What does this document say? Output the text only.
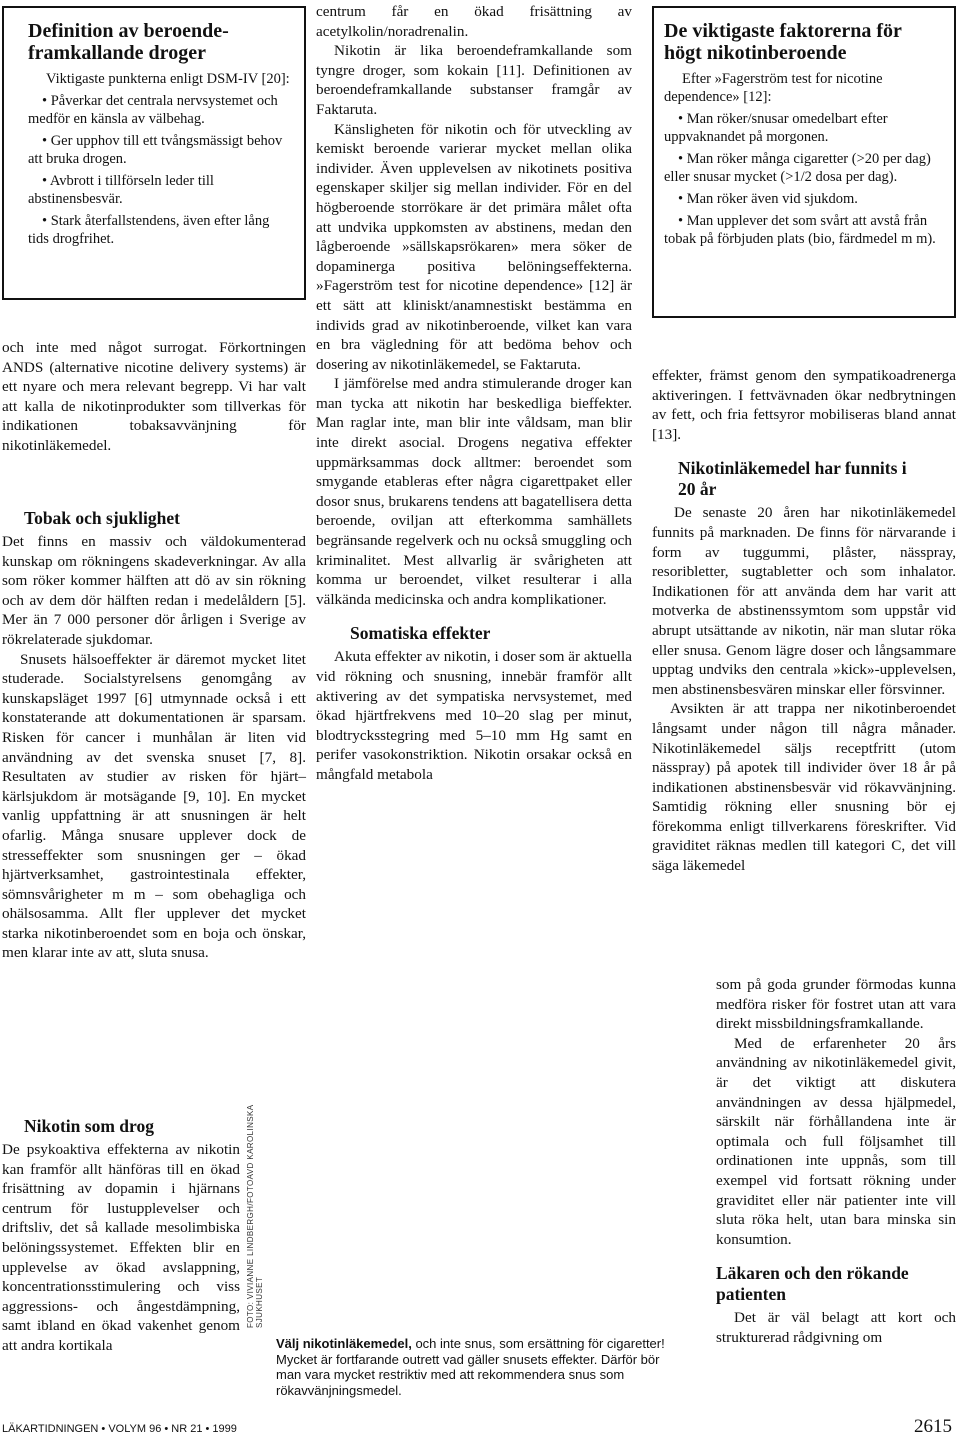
Definition av beroendeframkallande droger

Viktigaste punkterna enligt DSM-IV [20]:

• Påverkar det centrala nervsystemet och medför en känsla av välbehag.
• Ger upphov till ett tvångsmässigt behov att bruka drogen.
• Avbrott i tillförseln leder till abstinensbesvär.
• Stark återfallstendens, även efter lång tids drogfrihet.
De viktigaste faktorerna för högt nikotinberoende

Efter »Fagerström test for nicotine dependence» [12]:

• Man röker/snusar omedelbart efter uppvaknandet på morgonen.
• Man röker många cigaretter (>20 per dag) eller snusar mycket (>1/2 dosa per dag).
• Man röker även vid sjukdom.
• Man upplever det som svårt att avstå från tobak på förbjuden plats (bio, färdmedel m m).

och inte med något surrogat. Förkortningen ANDS (alternative nicotine delivery systems) är ett nyare och mera relevant begrepp. Vi har valt att kalla de nikotinprodukter som tillverkas för indikationen tobaksavvänjning för nikotinläkemedel.

Tobak och sjuklighet

Det finns en massiv och väldokumenterad kunskap om rökningens skadeverkningar. Av alla som röker kommer hälften att dö av sin rökning och av dem dör hälften redan i medelåldern [5]. Mer än 7 000 personer dör årligen i Sverige av rökrelaterade sjukdomar.

Snusets hälsoeffekter är däremot mycket litet studerade. Socialstyrelsens genomgång av kunskapsläget 1997 [6] utmynnade också i ett konstaterande att dokumentationen är sparsam. Risken för cancer i munhålan är liten vid användning av det svenska snuset [7, 8]. Resultaten av studier av risken för hjärt–kärlsjukdom är motsägande [9, 10]. En mycket vanlig uppfattning är att snusningen är helt ofarlig. Många snusare upplever dock de stresseffekter som snusningen ger – ökad hjärtverksamhet, gastrointestinala effekter, sömnsvårigheter m m – som obehagliga och ohälsosamma. Allt fler upplever det mycket starka nikotinberoendet som en boja och önskar, men klarar inte av att, sluta snusa.

Nikotin som drog

De psykoaktiva effekterna av nikotin kan framför allt hänföras till en ökad frisättning av dopamin i hjärnans centrum för lustupplevelser och driftsliv, det så kallade mesolimbiska belöningssystemet. Effekten blir en upplevelse av ökad avslappning, koncentrationsstimulering och viss aggressions- och ångestdämpning, samt ibland en ökad vakenhet genom att andra kortikala

centrum får en ökad frisättning av acetylkolin/noradrenalin.

Nikotin är lika beroendeframkallande som tyngre droger, som kokain [11]. Definitionen av beroendeframkallande substanser framgår av Faktaruta.

Känsligheten för nikotin och för utveckling av kemiskt beroende varierar mycket mellan olika individer. Även upplevelsen av nikotinets positiva egenskaper skiljer sig mellan individer. För en del högberoende storrökare är det primära målet ofta att undvika uppkomsten av abstinens, medan den lågberoende »sällskapsrökaren» mera söker de dopaminerga positiva belöningseffekterna. »Fagerström test for nicotine dependence» [12] är ett sätt att kliniskt/anamnestiskt bestämma en individs grad av nikotinberoende, vilket kan vara en bra vägledning för att bedöma behov och dosering av nikotinläkemedel, se Faktaruta.

I jämförelse med andra stimulerande droger kan man tycka att nikotin har beskedliga bieffekter. Man raglar inte, man blir inte våldsam, man blir inte direkt asocial. Drogens negativa effekter uppmärksammas dock alltmer: beroendet som smygande etableras efter några cigarettpaket eller dosor snus, brukarens tendens att bagatellisera detta beroende, oviljan att efterkomma samhällets begränsande regelverk och nu också smuggling och kriminalitet. Mest allvarlig är svårigheten att komma ur beroendet, vilket resulterar i alla välkända medicinska och andra komplikationer.

Somatiska effekter

Akuta effekter av nikotin, i doser som är aktuella vid rökning och snusning, innebär framför allt aktivering av det sympatiska nervsystemet, med ökad hjärtfrekvens med 10–20 slag per minut, blodtrycksstegring med 5–10 mm Hg samt en perifer vasokonstriktion. Nikotin orsakar också en mångfald metabola

FOTO: VIVIANNE LINDBERGH/FOTOAVD KAROLINSKA SJUKHUSET
Välj nikotinläkemedel, och inte snus, som ersättning för cigaretter! Mycket är fortfarande outrett vad gäller snusets effekter. Därför bör man vara mycket restriktiv med att rekommendera snus som rökavvänjningsmedel.

effekter, främst genom den sympatikoadrenerga aktiveringen. I fettvävnaden ökar nedbrytningen av fett, och fria fettsyror mobiliseras bland annat [13].

Nikotinläkemedel har funnits i 20 år

De senaste 20 åren har nikotinläkemedel funnits på marknaden. De finns för närvarande i form av tuggummi, plåster, nässpray, resoribletter, sugtabletter och som inhalator. Indikationen för att använda dem har varit att motverka de abstinenssymtom som uppstår vid abrupt utsättande av nikotin, när man slutar röka eller snusa. Genom lägre doser och långsammare upptag undviks den centrala »kick»-upplevelsen, men abstinensbesvären minskar eller försvinner.

Avsikten är att trappa ner nikotinberoendet långsamt under någon till några månader. Nikotinläkemedel säljs receptfritt (utom nässpray) på apotek till individer över 18 år på indikationen abstinensbesvär vid rökavvänjning. Samtidig rökning eller snusning bör ej förekomma enligt tillverkarens föreskrifter. Vid graviditet räknas medlen till kategori C, det vill säga läkemedel

som på goda grunder förmodas kunna medföra risker för fostret utan att vara direkt missbildningsframkallande.

Med de erfarenheter 20 års användning av nikotinläkemedel givit, är det viktigt att diskutera användningen av dessa hjälpmedel, särskilt när förhållandena inte är optimala och full följsamhet till ordinationen inte uppnås, som till exempel vid fortsatt rökning under graviditet eller när patienter inte vill sluta röka helt, utan bara minska sin konsumtion.

Läkaren och den rökande patienten

Det är väl belagt att kort och strukturerad rådgivning om

LÄKARTIDNINGEN • VOLYM 96 • NR 21 • 1999	2615
